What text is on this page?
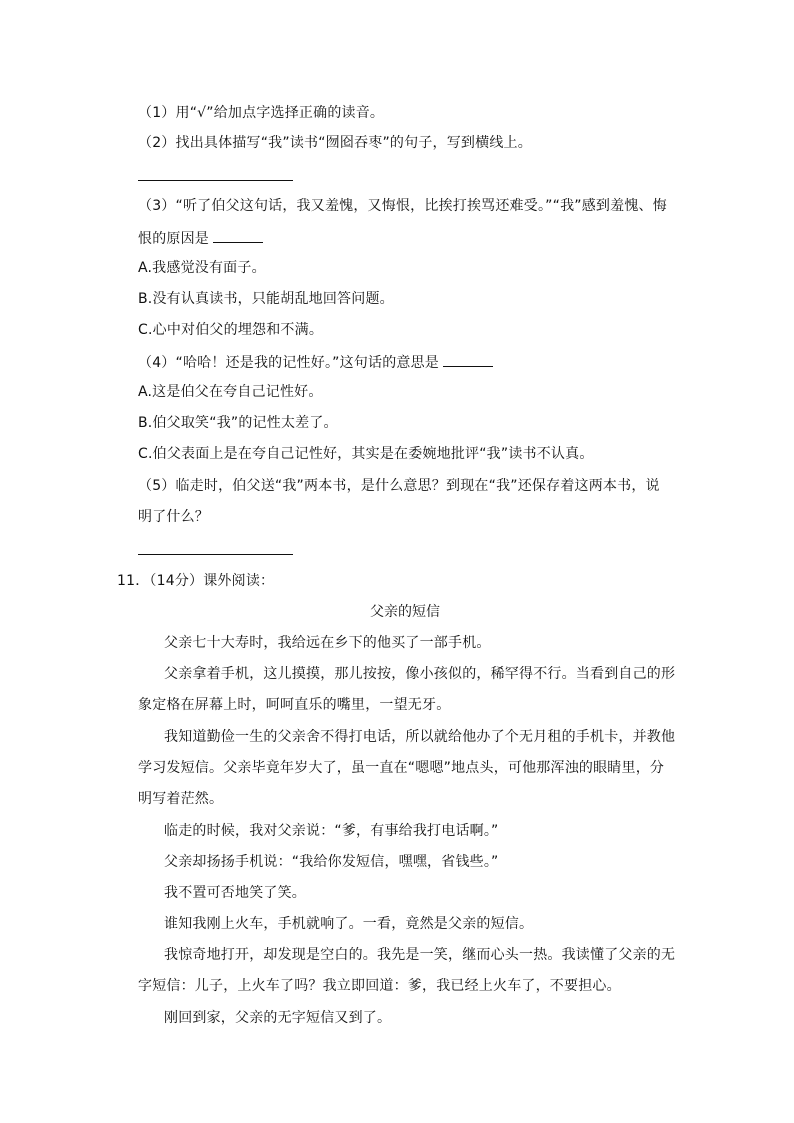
（1）用“√”给加点字选择正确的读音。
（2）找出具体描写“我”读书“囫囵吞枣”的句子，写到横线上。
（3）“听了伯父这句话，我又羞愧，又悔恨，比挨打挨骂还难受。”“我”感到羞愧、悔
恨的原因是
A.我感觉没有面子。
B.没有认真读书，只能胡乱地回答问题。
C.心中对伯父的埋怨和不满。
（4）“哈哈！还是我的记性好。”这句话的意思是
A.这是伯父在夸自己记性好。
B.伯父取笑“我”的记性太差了。
C.伯父表面上是在夸自己记性好，其实是在委婉地批评“我”读书不认真。
（5）临走时，伯父送“我”两本书，是什么意思？到现在“我”还保存着这两本书，说
明了什么？
11．（14分）课外阅读：
父亲的短信
父亲七十大寿时，我给远在乡下的他买了一部手机。
父亲拿着手机，这儿摸摸，那儿按按，像小孩似的，稀罕得不行。当看到自己的形
象定格在屏幕上时，呵呵直乐的嘴里，一望无牙。
我知道勤俭一生的父亲舍不得打电话，所以就给他办了个无月租的手机卡，并教他
学习发短信。父亲毕竟年岁大了，虽一直在“嗯嗯”地点头，可他那浑浊的眼睛里，分
明写着茫然。
临走的时候，我对父亲说：“爹，有事给我打电话啊。”
父亲却扬扬手机说：“我给你发短信，嘿嘿，省钱些。”
我不置可否地笑了笑。
谁知我刚上火车，手机就响了。一看，竟然是父亲的短信。
我惊奇地打开，却发现是空白的。我先是一笑，继而心头一热。我读懂了父亲的无
字短信：儿子，上火车了吗？我立即回道：爹，我已经上火车了，不要担心。
刚回到家，父亲的无字短信又到了。
